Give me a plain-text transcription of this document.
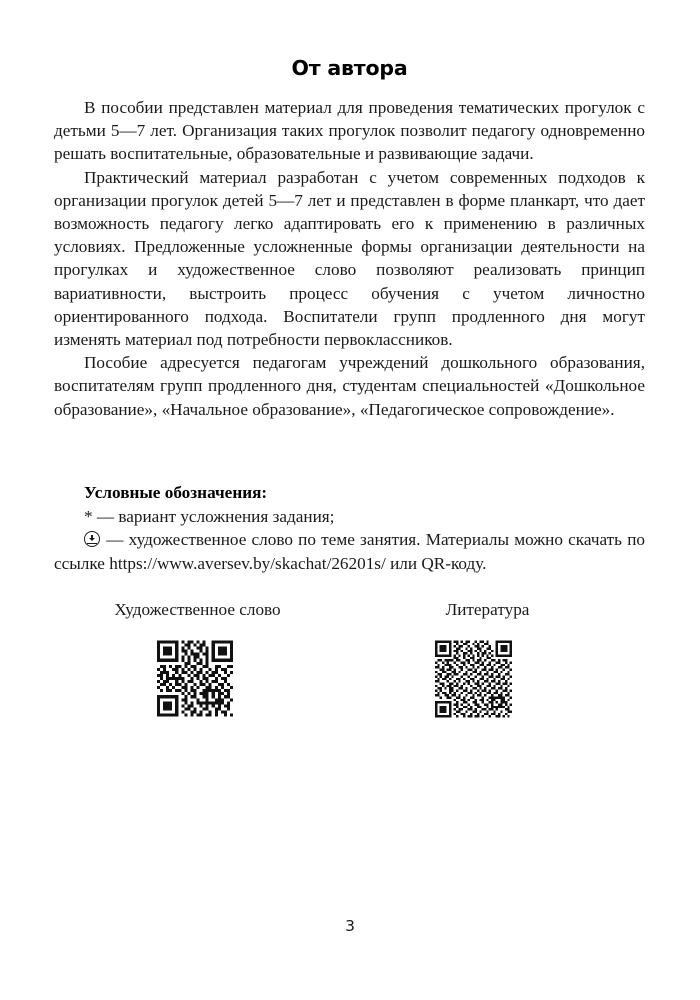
От автора

В пособии представлен материал для проведения тематических прогулок с детьми 5—7 лет. Организация таких прогулок позволит педагогу одновременно решать воспитательные, образовательные и развивающие задачи.

Практический материал разработан с учетом современных подходов к организации прогулок детей 5—7 лет и представлен в форме планкарт, что дает возможность педагогу легко адаптировать его к применению в различных условиях. Предложенные усложненные формы организации деятельности на прогулках и художественное слово позволяют реализовать принцип вариативности, выстроить процесс обучения с учетом личностно ориентированного подхода. Воспитатели групп продленного дня могут изменять материал под потребности первоклассников.

Пособие адресуется педагогам учреждений дошкольного образования, воспитателям групп продленного дня, студентам специальностей «Дошкольное образование», «Начальное образование», «Педагогическое сопровождение».

Условные обозначения:

* — вариант усложнения задания;

— художественное слово по теме занятия. Материалы можно скачать по ссылке https://www.aversev.by/skachat/26201s/ или QR-коду.

Художественное слово	Литература
3
